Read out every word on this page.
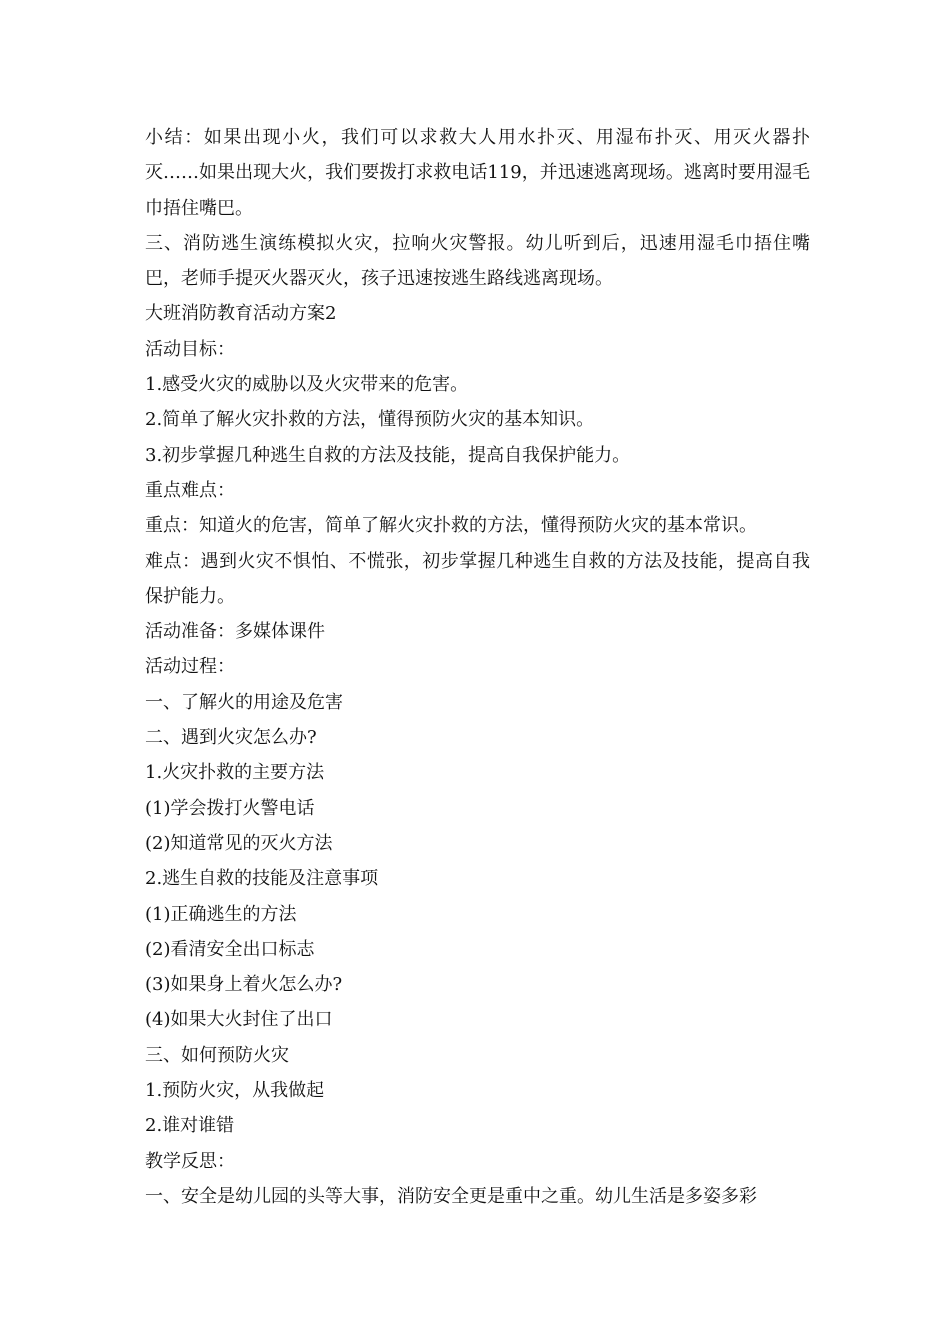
小结：如果出现小火，我们可以求救大人用水扑灭、用湿布扑灭、用灭火器扑灭……如果出现大火，我们要拨打求救电话119，并迅速逃离现场。逃离时要用湿毛巾捂住嘴巴。

三、消防逃生演练模拟火灾，拉响火灾警报。幼儿听到后，迅速用湿毛巾捂住嘴巴，老师手提灭火器灭火，孩子迅速按逃生路线逃离现场。

大班消防教育活动方案2

活动目标：

1.感受火灾的威胁以及火灾带来的危害。

2.简单了解火灾扑救的方法，懂得预防火灾的基本知识。

3.初步掌握几种逃生自救的方法及技能，提高自我保护能力。

重点难点：

重点：知道火的危害，简单了解火灾扑救的方法，懂得预防火灾的基本常识。

难点：遇到火灾不惧怕、不慌张，初步掌握几种逃生自救的方法及技能，提高自我保护能力。

活动准备：多媒体课件

活动过程：

一、了解火的用途及危害

二、遇到火灾怎么办?

1.火灾扑救的主要方法

(1)学会拨打火警电话

(2)知道常见的灭火方法

2.逃生自救的技能及注意事项

(1)正确逃生的方法

(2)看清安全出口标志

(3)如果身上着火怎么办?

(4)如果大火封住了出口

三、如何预防火灾

1.预防火灾，从我做起

2.谁对谁错

教学反思：

一、安全是幼儿园的头等大事，消防安全更是重中之重。幼儿生活是多姿多彩
